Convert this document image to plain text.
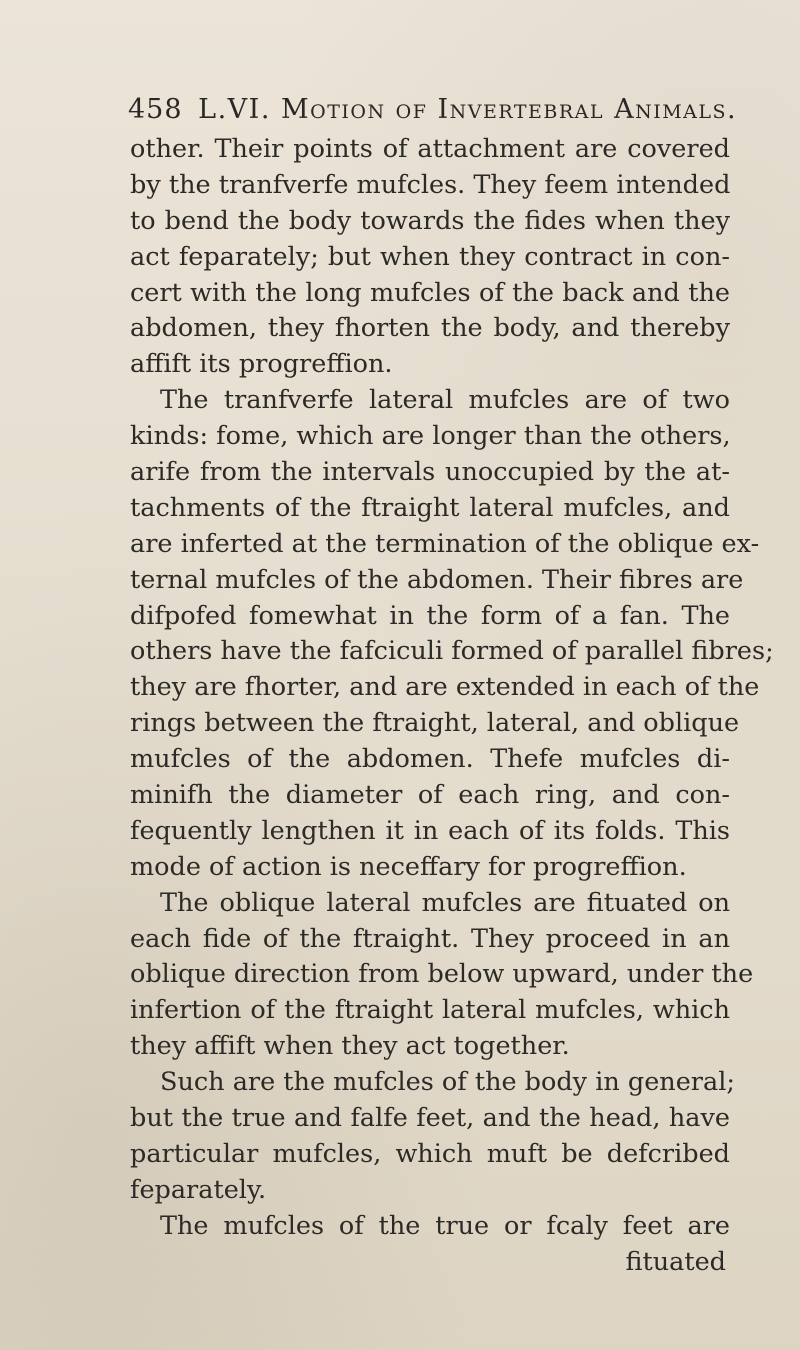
458 L.VI. Motion of Invertebral Animals.
other. Their points of attachment are covered
by the tranfverfe mufcles. They feem intended
to bend the body towards the fides when they
act feparately; but when they contract in con-
cert with the long mufcles of the back and the
abdomen, they fhorten the body, and thereby
affift its progreffion.
The tranfverfe lateral mufcles are of two
kinds: fome, which are longer than the others,
arife from the intervals unoccupied by the at-
tachments of the ftraight lateral mufcles, and
are inferted at the termination of the oblique ex-
ternal mufcles of the abdomen. Their fibres are
difpofed fomewhat in the form of a fan. The
others have the fafciculi formed of parallel fibres;
they are fhorter, and are extended in each of the
rings between the ftraight, lateral, and oblique
mufcles of the abdomen. Thefe mufcles di-
minifh the diameter of each ring, and con-
fequently lengthen it in each of its folds. This
mode of action is neceffary for progreffion.
The oblique lateral mufcles are fituated on
each fide of the ftraight. They proceed in an
oblique direction from below upward, under the
infertion of the ftraight lateral mufcles, which
they affift when they act together.
Such are the mufcles of the body in general;
but the true and falfe feet, and the head, have
particular mufcles, which muft be defcribed
feparately.
The mufcles of the true or fcaly feet are
fituated
